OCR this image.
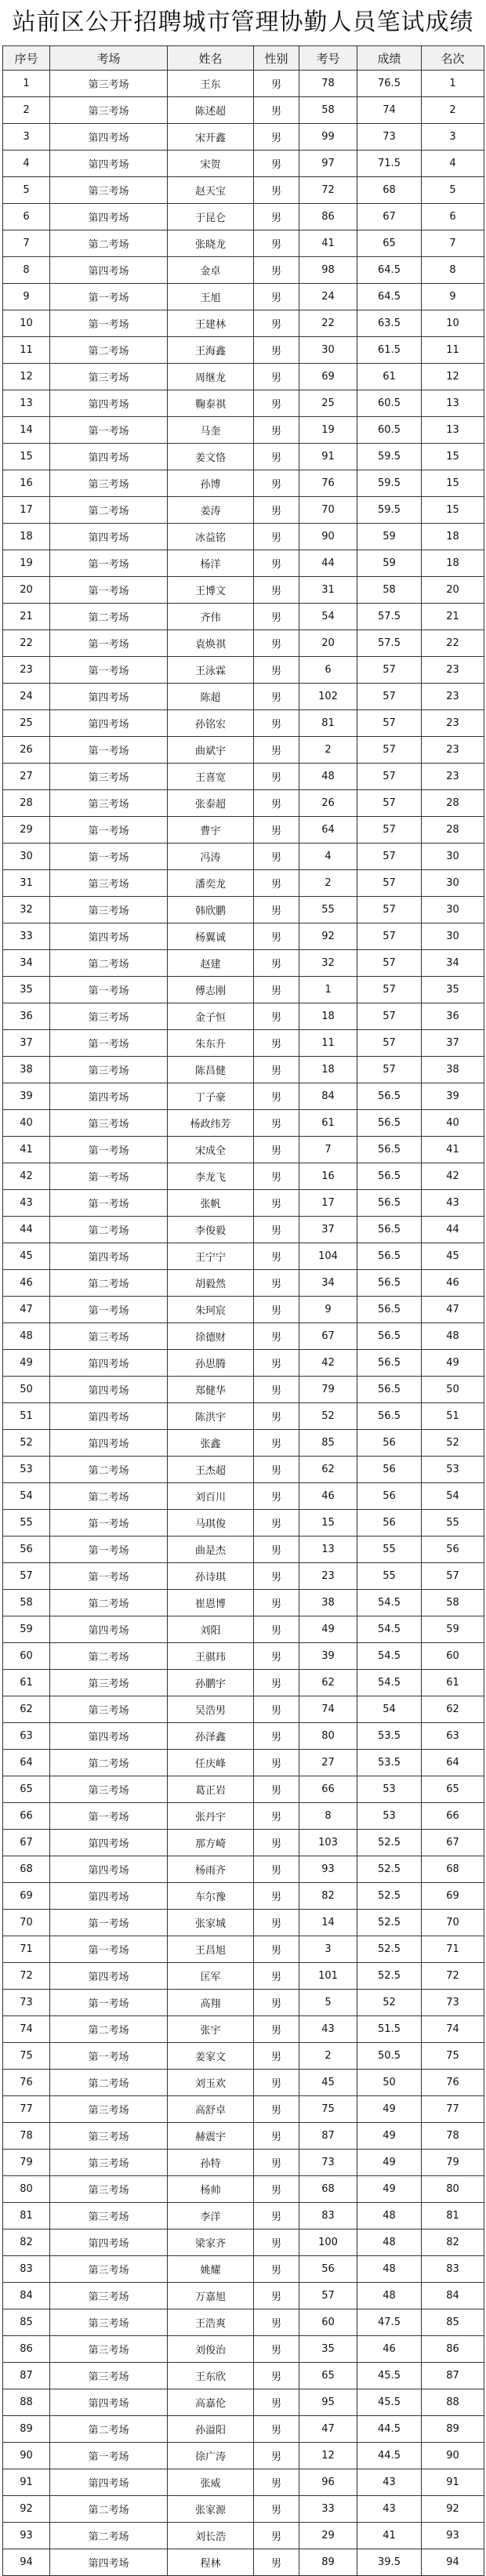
站前区公开招聘城市管理协勤人员笔试成绩
序号	考场	姓名	性别	考号	成绩	名次
1	第三考场	王东	男	78	76.5	1
2	第三考场	陈述超	男	58	74	2
3	第四考场	宋开鑫	男	99	73	3
4	第四考场	宋贺	男	97	71.5	4
5	第三考场	赵天宝	男	72	68	5
6	第四考场	于昆仑	男	86	67	6
7	第二考场	张晓龙	男	41	65	7
8	第四考场	金卓	男	98	64.5	8
9	第一考场	王旭	男	24	64.5	9
10	第一考场	王建林	男	22	63.5	10
11	第二考场	王海鑫	男	30	61.5	11
12	第三考场	周继龙	男	69	61	12
13	第四考场	鞠泰祺	男	25	60.5	13
14	第一考场	马奎	男	19	60.5	13
15	第四考场	姜文恪	男	91	59.5	15
16	第三考场	孙博	男	76	59.5	15
17	第二考场	姜涛	男	70	59.5	15
18	第四考场	冰益铭	男	90	59	18
19	第一考场	杨洋	男	44	59	18
20	第一考场	王博文	男	31	58	20
21	第二考场	齐伟	男	54	57.5	21
22	第一考场	袁焕祺	男	20	57.5	22
23	第一考场	王泳霖	男	6	57	23
24	第四考场	陈超	男	102	57	23
25	第四考场	孙铭宏	男	81	57	23
26	第一考场	曲斌宇	男	2	57	23
27	第三考场	王喜宽	男	48	57	23
28	第三考场	张泰超	男	26	57	28
29	第一考场	曹宇	男	64	57	28
30	第一考场	冯涛	男	4	57	30
31	第三考场	潘奕龙	男	2	57	30
32	第三考场	韩欣鹏	男	55	57	30
33	第四考场	杨翼诚	男	92	57	30
34	第二考场	赵建	男	32	57	34
35	第一考场	傅志刚	男	1	57	35
36	第三考场	金子恒	男	18	57	36
37	第一考场	朱东升	男	11	57	37
38	第三考场	陈昌健	男	18	57	38
39	第四考场	丁子豪	男	84	56.5	39
40	第三考场	杨政纬芳	男	61	56.5	40
41	第一考场	宋成全	男	7	56.5	41
42	第一考场	李龙飞	男	16	56.5	42
43	第一考场	张帆	男	17	56.5	43
44	第二考场	李俊毅	男	37	56.5	44
45	第四考场	王宁宁	男	104	56.5	45
46	第二考场	胡毅然	男	34	56.5	46
47	第一考场	朱珂宸	男	9	56.5	47
48	第三考场	徐德财	男	67	56.5	48
49	第四考场	孙思腾	男	42	56.5	49
50	第四考场	郑健华	男	79	56.5	50
51	第四考场	陈洪宇	男	52	56.5	51
52	第四考场	张鑫	男	85	56	52
53	第二考场	王杰超	男	62	56	53
54	第二考场	刘百川	男	46	56	54
55	第一考场	马琪俊	男	15	56	55
56	第一考场	曲是杰	男	13	55	56
57	第一考场	孙诗琪	男	23	55	57
58	第二考场	崔恩博	男	38	54.5	58
59	第四考场	刘阳	男	49	54.5	59
60	第二考场	王骐玮	男	39	54.5	60
61	第三考场	孙鹏宇	男	62	54.5	61
62	第三考场	吴浩男	男	74	54	62
63	第四考场	孙泽鑫	男	80	53.5	63
64	第二考场	任庆峰	男	27	53.5	64
65	第三考场	葛正岩	男	66	53	65
66	第一考场	张丹宇	男	8	53	66
67	第四考场	那方崎	男	103	52.5	67
68	第四考场	杨雨齐	男	93	52.5	68
69	第四考场	车尔豫	男	82	52.5	69
70	第一考场	张家城	男	14	52.5	70
71	第一考场	王昌旭	男	3	52.5	71
72	第四考场	匡军	男	101	52.5	72
73	第一考场	高翔	男	5	52	73
74	第二考场	张宇	男	43	51.5	74
75	第一考场	姜家文	男	2	50.5	75
76	第二考场	刘玉欢	男	45	50	76
77	第三考场	高舒卓	男	75	49	77
78	第三考场	赫震宇	男	87	49	78
79	第三考场	孙特	男	73	49	79
80	第三考场	杨帅	男	68	49	80
81	第三考场	李洋	男	83	48	81
82	第四考场	梁家齐	男	100	48	82
83	第三考场	姚耀	男	56	48	83
84	第三考场	万嘉旭	男	57	48	84
85	第三考场	王浩爽	男	60	47.5	85
86	第三考场	刘俊治	男	35	46	86
87	第三考场	王东欣	男	65	45.5	87
88	第四考场	高嘉伦	男	95	45.5	88
89	第二考场	孙溢阳	男	47	44.5	89
90	第一考场	徐广涛	男	12	44.5	90
91	第四考场	张威	男	96	43	91
92	第二考场	张家源	男	33	43	92
93	第二考场	刘长浩	男	29	41	93
94	第四考场	程林	男	89	39.5	94
